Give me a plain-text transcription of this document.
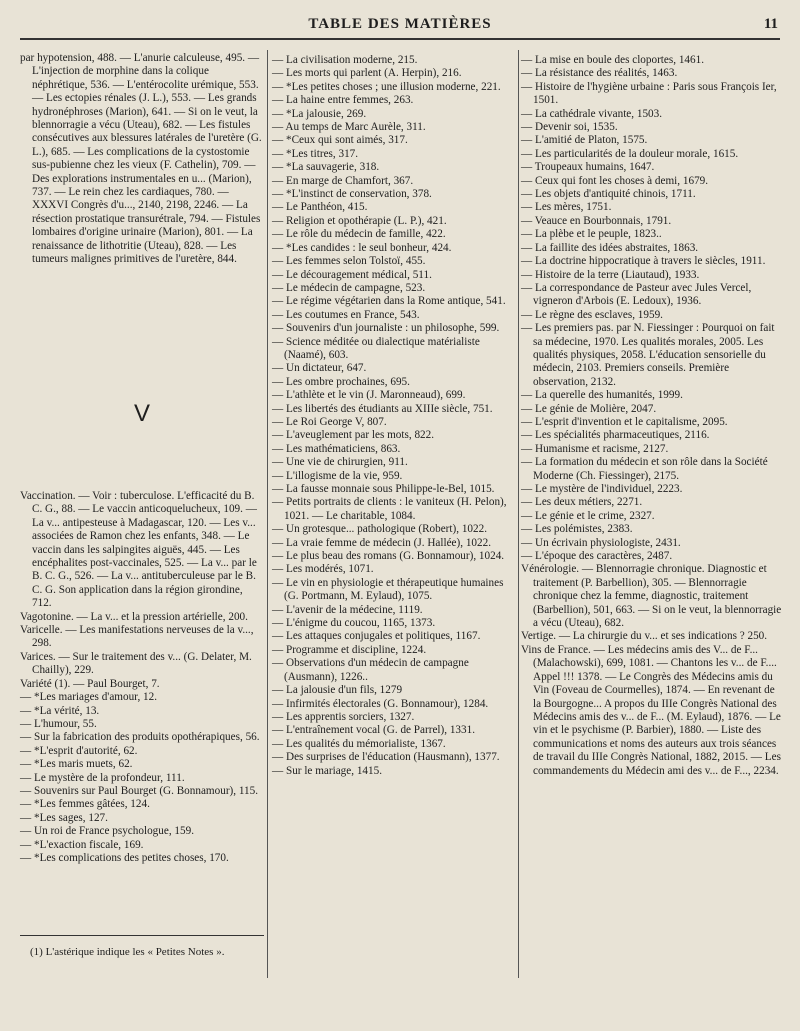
TABLE DES MATIÈRES	11

par hypotension, 488. — L'anurie calculeuse, 495. — L'injection de morphine dans la colique néphrétique, 536. — L'entérocolite urémique, 553. — Les ectopies rénales (J. L.), 553. — Les grands hydronéphroses (Marion), 641. — Si on le veut, la blennorragie a vécu (Uteau), 682. — Les fistules consécutives aux blessures latérales de l'uretère (G. L.), 685. — Les complications de la cystostomie sus-pubienne chez les vieux (F. Cathelin), 709. — Des explorations instrumentales en u... (Marion), 737. — Le rein chez les cardiaques, 780. — XXXVI Congrès d'u..., 2140, 2198, 2246. — La résection prostatique transurétrale, 794. — Fistules lombaires d'origine urinaire (Marion), 801. — La renaissance de lithotritie (Uteau), 828. — Les tumeurs malignes primitives de l'uretère, 844.

V

Vaccination. — Voir : tuberculose. L'efficacité du B. C. G., 88. — Le vaccin anticoquelucheux, 109. — La v... antipesteuse à Madagascar, 120. — Les v... associées de Ramon chez les enfants, 348. — Le vaccin dans les salpingites aiguës, 445. — Les encéphalites post-vaccinales, 525. — La v... par le B. C. G., 526. — La v... antituberculeuse par le B. C. G. Son application dans la région girondine, 712.

Vagotonine. — La v... et la pression artérielle, 200.

Varicelle. — Les manifestations nerveuses de la v..., 298.

Varices. — Sur le traitement des v... (G. Delater, M. Chailly), 229.

Variété (1). — Paul Bourget, 7.

— *Les mariages d'amour, 12.

— *La vérité, 13.

— L'humour, 55.

— Sur la fabrication des produits opothérapiques, 56.

— *L'esprit d'autorité, 62.

— *Les maris muets, 62.

— Le mystère de la profondeur, 111.

— Souvenirs sur Paul Bourget (G. Bonnamour), 115.

— *Les femmes gâtées, 124.

— *Les sages, 127.

— Un roi de France psychologue, 159.

— *L'exaction fiscale, 169.

— *Les complications des petites choses, 170.

(1) L'astérique indique les « Petites Notes ».

— La civilisation moderne, 215.

— Les morts qui parlent (A. Herpin), 216.

— *Les petites choses ; une illusion moderne, 221.

— La haine entre femmes, 263.

— *La jalousie, 269.

— Au temps de Marc Aurèle, 311.

— *Ceux qui sont aimés, 317.

— *Les titres, 317.

— *La sauvagerie, 318.

— En marge de Chamfort, 367.

— *L'instinct de conservation, 378.

— Le Panthéon, 415.

— Religion et opothérapie (L. P.), 421.

— Le rôle du médecin de famille, 422.

— *Les candides : le seul bonheur, 424.

— Les femmes selon Tolstoï, 455.

— Le découragement médical, 511.

— Le médecin de campagne, 523.

— Le régime végétarien dans la Rome antique, 541.

— Les coutumes en France, 543.

— Souvenirs d'un journaliste : un philosophe, 599.

— Science méditée ou dialectique matérialiste (Naamé), 603.

— Un dictateur, 647.

— Les ombre prochaines, 695.

— L'athlète et le vin (J. Maronneaud), 699.

— Les libertés des étudiants au XIIIe siècle, 751.

— Le Roi George V, 807.

— L'aveuglement par les mots, 822.

— Les mathématiciens, 863.

— Une vie de chirurgien, 911.

— L'illogisme de la vie, 959.

— La fausse monnaie sous Philippe-le-Bel, 1015.

— Petits portraits de clients : le vaniteux (H. Pelon), 1021. — Le charitable, 1084.

— Un grotesque... pathologique (Robert), 1022.

— La vraie femme de médecin (J. Hallée), 1022.

— Le plus beau des romans (G. Bonnamour), 1024.

— Les modérés, 1071.

— Le vin en physiologie et thérapeutique humaines (G. Portmann, M. Eylaud), 1075.

— L'avenir de la médecine, 1119.

— L'énigme du coucou, 1165, 1373.

— Les attaques conjugales et politiques, 1167.

— Programme et discipline, 1224.

— Observations d'un médecin de campagne (Ausmann), 1226..

— La jalousie d'un fils, 1279

— Infirmités électorales (G. Bonnamour), 1284.

— Les apprentis sorciers, 1327.

— L'entraînement vocal (G. de Parrel), 1331.

— Les qualités du mémorialiste, 1367.

— Des surprises de l'éducation (Hausmann), 1377.

— Sur le mariage, 1415.

— La mise en boule des cloportes, 1461.

— La résistance des réalités, 1463.

— Histoire de l'hygiène urbaine : Paris sous François Ier, 1501.

— La cathédrale vivante, 1503.

— Devenir soi, 1535.

— L'amitié de Platon, 1575.

— Les particularités de la douleur morale, 1615.

— Troupeaux humains, 1647.

— Ceux qui font les choses à demi, 1679.

— Les objets d'antiquité chinois, 1711.

— Les mères, 1751.

— Veauce en Bourbonnais, 1791.

— La plèbe et le peuple, 1823..

— La faillite des idées abstraites, 1863.

— La doctrine hippocratique à travers le siècles, 1911.

— Histoire de la terre (Liautaud), 1933.

— La correspondance de Pasteur avec Jules Vercel, vigneron d'Arbois (E. Ledoux), 1936.

— Le règne des esclaves, 1959.

— Les premiers pas. par N. Fiessinger : Pourquoi on fait sa médecine, 1970. Les qualités morales, 2005. Les qualités physiques, 2058. L'éducation sensorielle du médecin, 2103. Premiers conseils. Première observation, 2132.

— La querelle des humanités, 1999.

— Le génie de Molière, 2047.

— L'esprit d'invention et le capitalisme, 2095.

— Les spécialités pharmaceutiques, 2116.

— Humanisme et racisme, 2127.

— La formation du médecin et son rôle dans la Société Moderne (Ch. Fiessinger), 2175.

— Le mystère de l'individuel, 2223.

— Les deux métiers, 2271.

— Le génie et le crime, 2327.

— Les polémistes, 2383.

— Un écrivain physiologiste, 2431.

— L'époque des caractères, 2487.

Vénérologie. — Blennorragie chronique. Diagnostic et traitement (P. Barbellion), 305. — Blennorragie chronique chez la femme, diagnostic, traitement (Barbellion), 501, 663. — Si on le veut, la blennorragie a vécu (Uteau), 682.

Vertige. — La chirurgie du v... et ses indications ? 250.

Vins de France. — Les médecins amis des V... de F... (Malachowski), 699, 1081. — Chantons les v... de F.... Appel !!! 1378. — Le Congrès des Médecins amis du Vin (Foveau de Courmelles), 1874. — En revenant de la Bourgogne... A propos du IIIe Congrès National des Médecins amis des v... de F... (M. Eylaud), 1876. — Le vin et le psychisme (P. Barbier), 1880. — Liste des communications et noms des auteurs aux trois séances de travail du IIIe Congrès National, 1882, 2015. — Les commandements du Médecin ami des v... de F..., 2234.
